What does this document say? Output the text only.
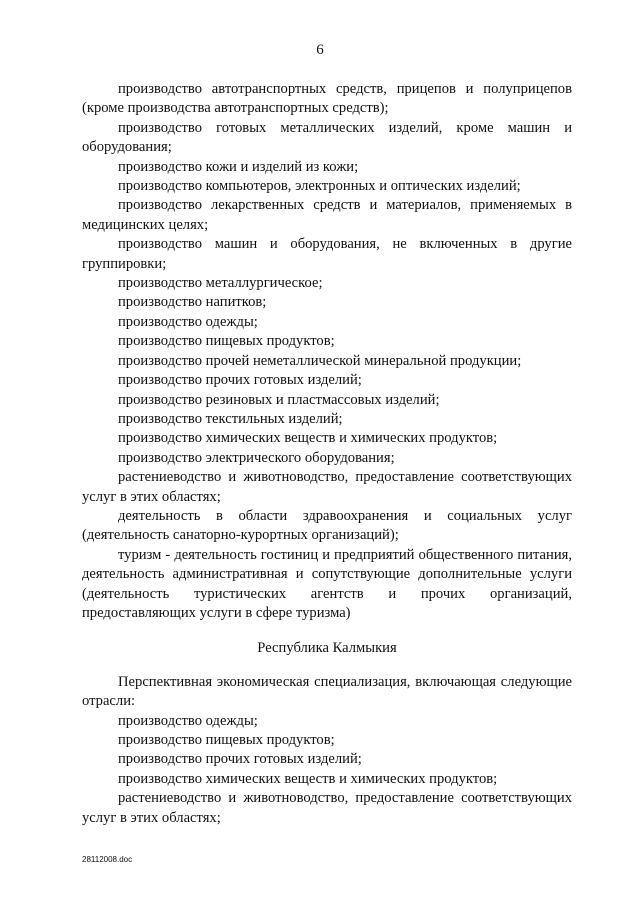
6

производство автотранспортных средств, прицепов и полуприцепов (кроме производства автотранспортных средств);

производство готовых металлических изделий, кроме машин и оборудования;

производство кожи и изделий из кожи;

производство компьютеров, электронных и оптических изделий;

производство лекарственных средств и материалов, применяемых в медицинских целях;

производство машин и оборудования, не включенных в другие группировки;

производство металлургическое;

производство напитков;

производство одежды;

производство пищевых продуктов;

производство прочей неметаллической минеральной продукции;

производство прочих готовых изделий;

производство резиновых и пластмассовых изделий;

производство текстильных изделий;

производство химических веществ и химических продуктов;

производство электрического оборудования;

растениеводство и животноводство, предоставление соответствующих услуг в этих областях;

деятельность в области здравоохранения и социальных услуг (деятельность санаторно-курортных организаций);

туризм - деятельность гостиниц и предприятий общественного питания, деятельность административная и сопутствующие дополнительные услуги (деятельность туристических агентств и прочих организаций, предоставляющих услуги в сфере туризма)

Республика Калмыкия

Перспективная экономическая специализация, включающая следующие отрасли:

производство одежды;

производство пищевых продуктов;

производство прочих готовых изделий;

производство химических веществ и химических продуктов;

растениеводство и животноводство, предоставление соответствующих услуг в этих областях;

28112008.doc
